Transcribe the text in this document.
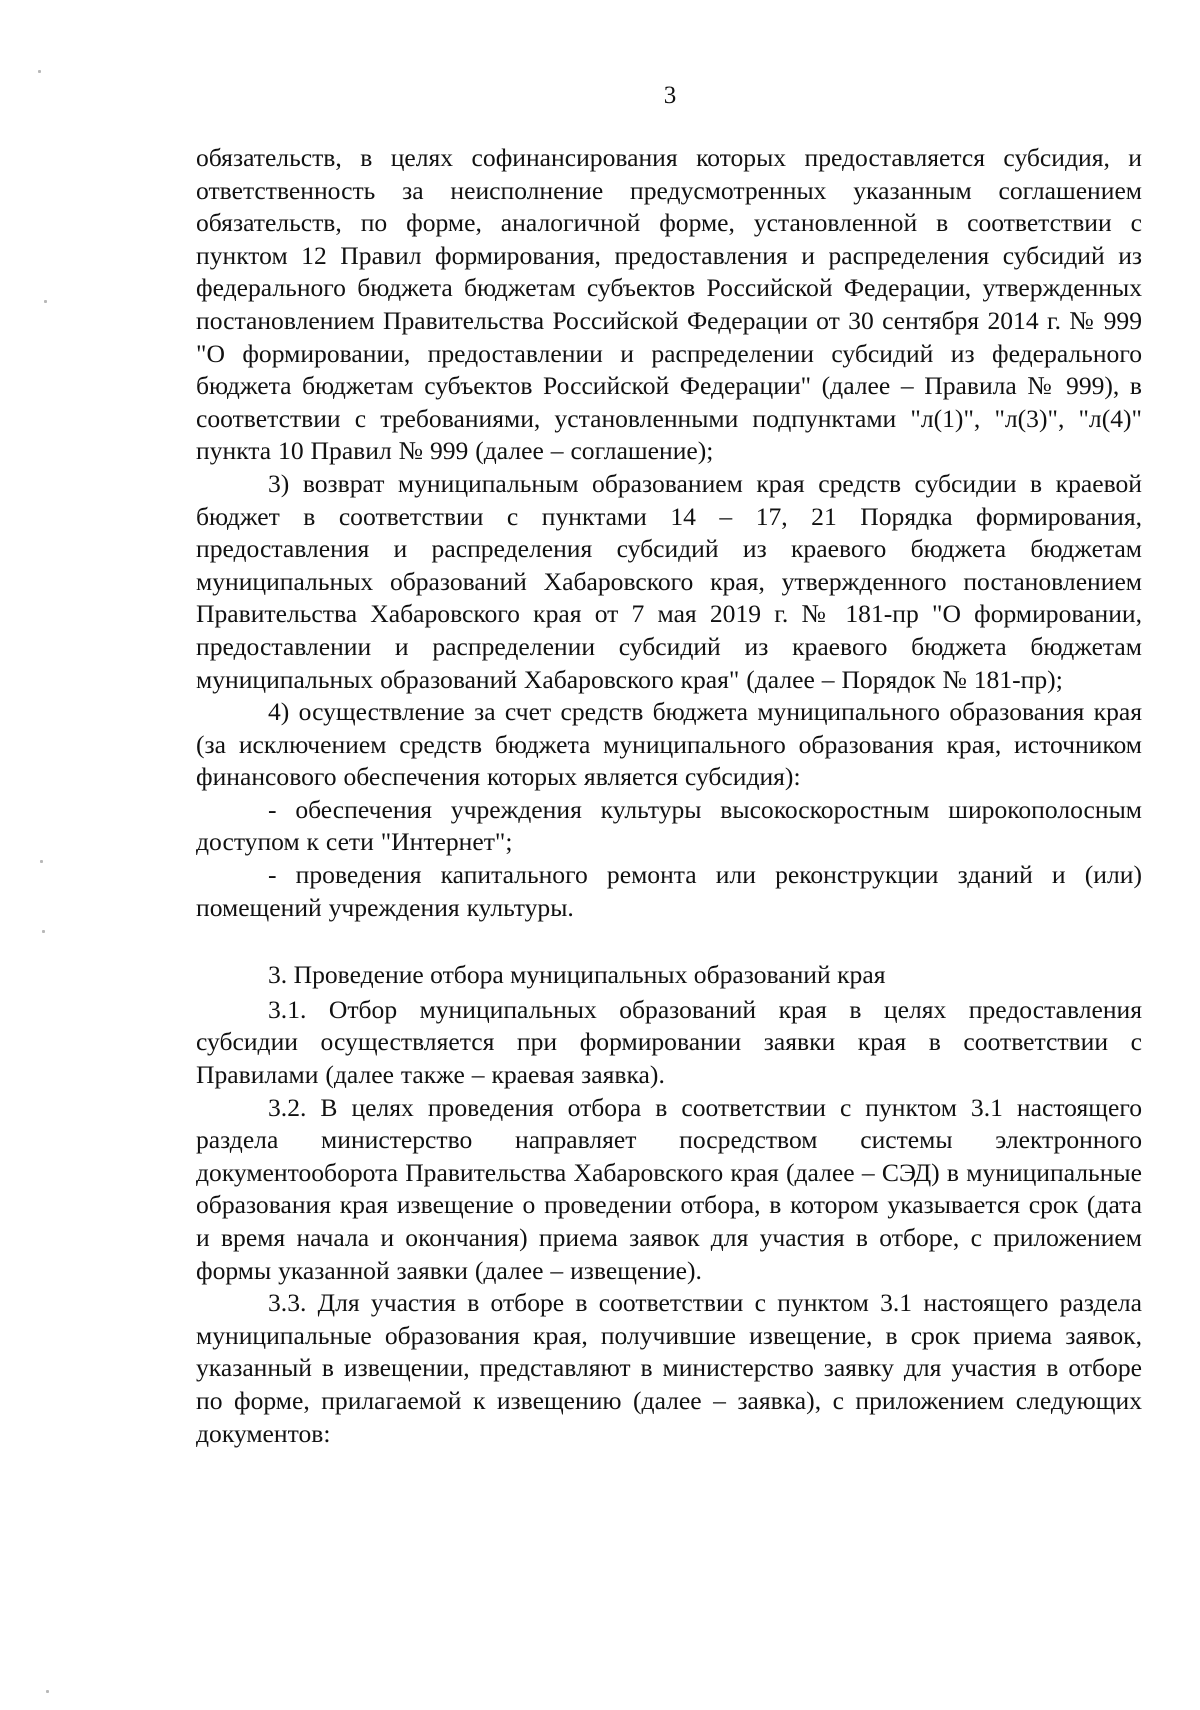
3

обязательств, в целях софинансирования которых предоставляется субсидия, и ответственность за неисполнение предусмотренных указанным соглашением обязательств, по форме, аналогичной форме, установленной в соответствии с пунктом 12 Правил формирования, предоставления и распределения субсидий из федерального бюджета бюджетам субъектов Российской Федерации, утвержденных постановлением Правительства Российской Федерации от 30 сентября 2014 г. № 999 "О формировании, предоставлении и распределении субсидий из федерального бюджета бюджетам субъектов Российской Федерации" (далее – Правила № 999), в соответствии с требованиями, установленными подпунктами "л(1)", "л(3)", "л(4)" пункта 10 Правил № 999 (далее – соглашение);

3) возврат муниципальным образованием края средств субсидии в краевой бюджет в соответствии с пунктами 14 – 17, 21 Порядка формирования, предоставления и распределения субсидий из краевого бюджета бюджетам муниципальных образований Хабаровского края, утвержденного постановлением Правительства Хабаровского края от 7 мая 2019 г. № 181-пр "О формировании, предоставлении и распределении субсидий из краевого бюджета бюджетам муниципальных образований Хабаровского края" (далее – Порядок № 181-пр);

4) осуществление за счет средств бюджета муниципального образования края (за исключением средств бюджета муниципального образования края, источником финансового обеспечения которых является субсидия):

- обеспечения учреждения культуры высокоскоростным широкополосным доступом к сети "Интернет";

- проведения капитального ремонта или реконструкции зданий и (или) помещений учреждения культуры.

3. Проведение отбора муниципальных образований края

3.1. Отбор муниципальных образований края в целях предоставления субсидии осуществляется при формировании заявки края в соответствии с Правилами (далее также – краевая заявка).

3.2. В целях проведения отбора в соответствии с пунктом 3.1 настоящего раздела министерство направляет посредством системы электронного документооборота Правительства Хабаровского края (далее – СЭД) в муниципальные образования края извещение о проведении отбора, в котором указывается срок (дата и время начала и окончания) приема заявок для участия в отборе, с приложением формы указанной заявки (далее – извещение).

3.3. Для участия в отборе в соответствии с пунктом 3.1 настоящего раздела муниципальные образования края, получившие извещение, в срок приема заявок, указанный в извещении, представляют в министерство заявку для участия в отборе по форме, прилагаемой к извещению (далее – заявка), с приложением следующих документов:
